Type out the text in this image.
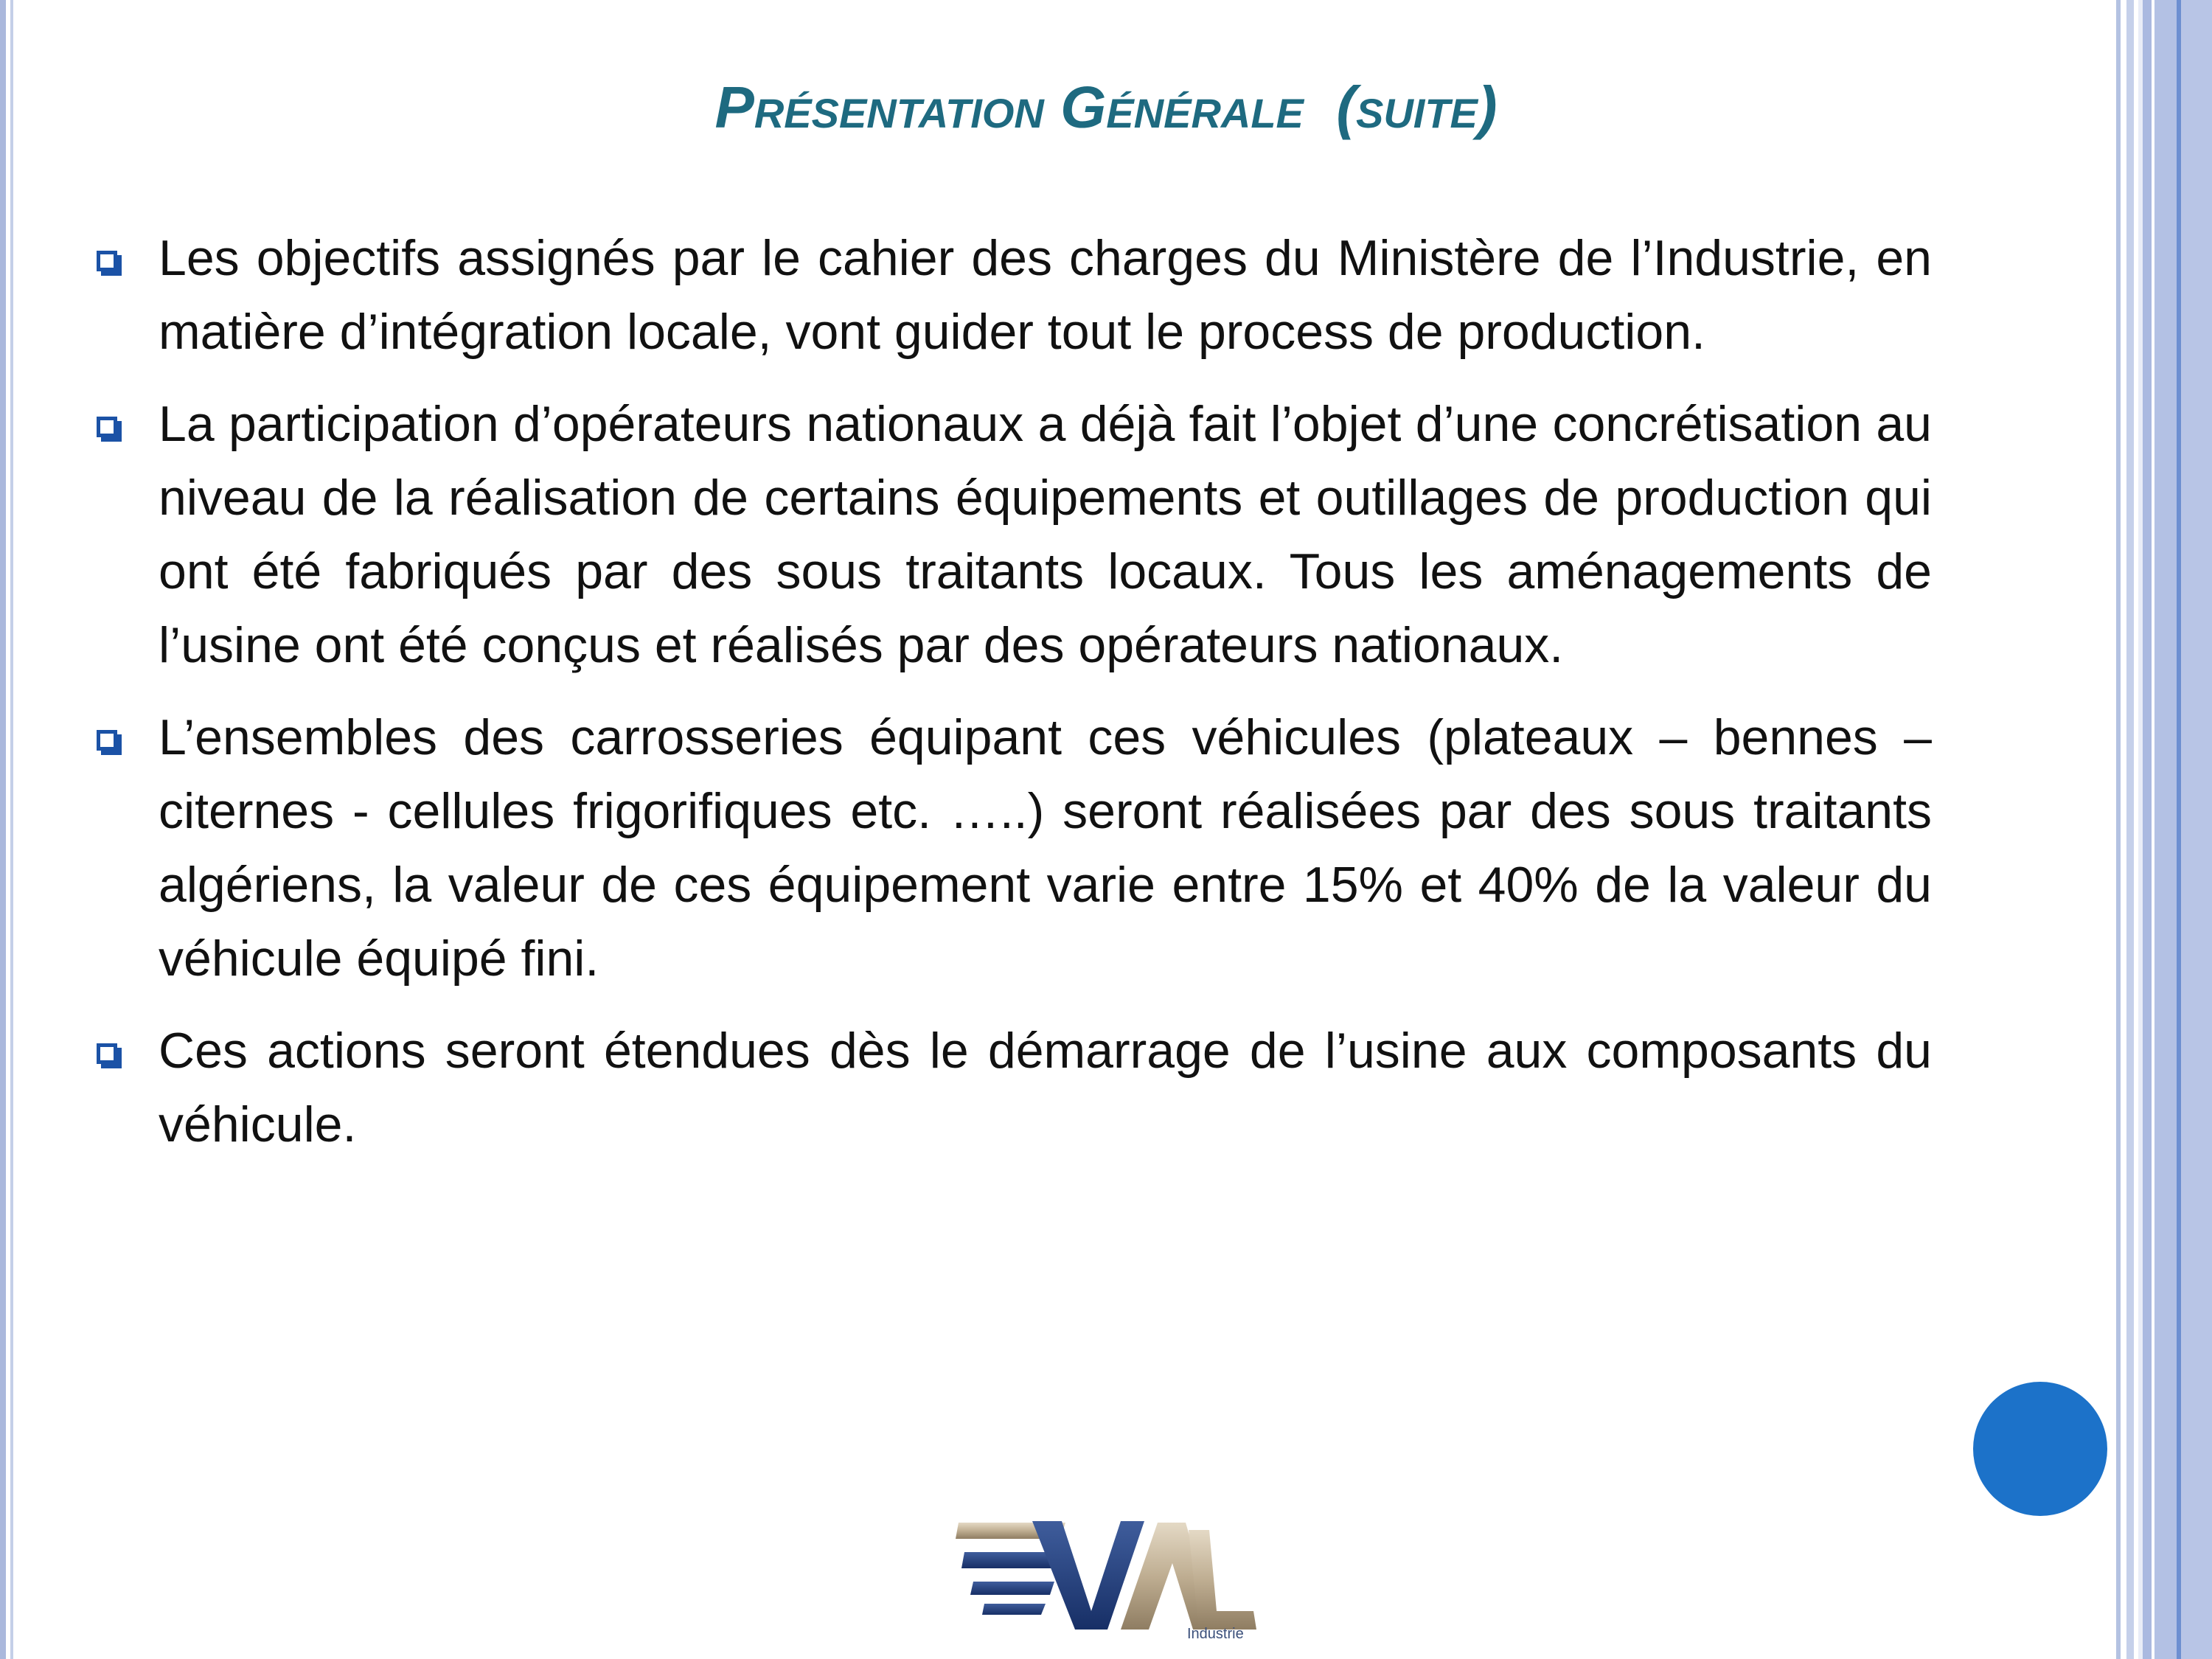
Présentation Générale  (suite)
Les objectifs assignés par le cahier des charges du Ministère de l’Industrie, en matière d’intégration locale, vont guider tout le process de production.
La participation d’opérateurs nationaux a déjà fait l’objet d’une concrétisation au niveau de la réalisation de certains équipements et outillages de production qui ont été fabriqués par des sous traitants locaux. Tous les aménagements de l’usine ont été conçus et réalisés par des opérateurs nationaux.
L’ensembles des carrosseries équipant ces véhicules (plateaux – bennes – citernes - cellules frigorifiques etc. …..) seront réalisées par des sous traitants algériens, la valeur de ces équipement varie entre 15% et 40% de la valeur du véhicule équipé fini.
Ces actions seront étendues dès le démarrage de l’usine aux composants du véhicule.
Industrie
